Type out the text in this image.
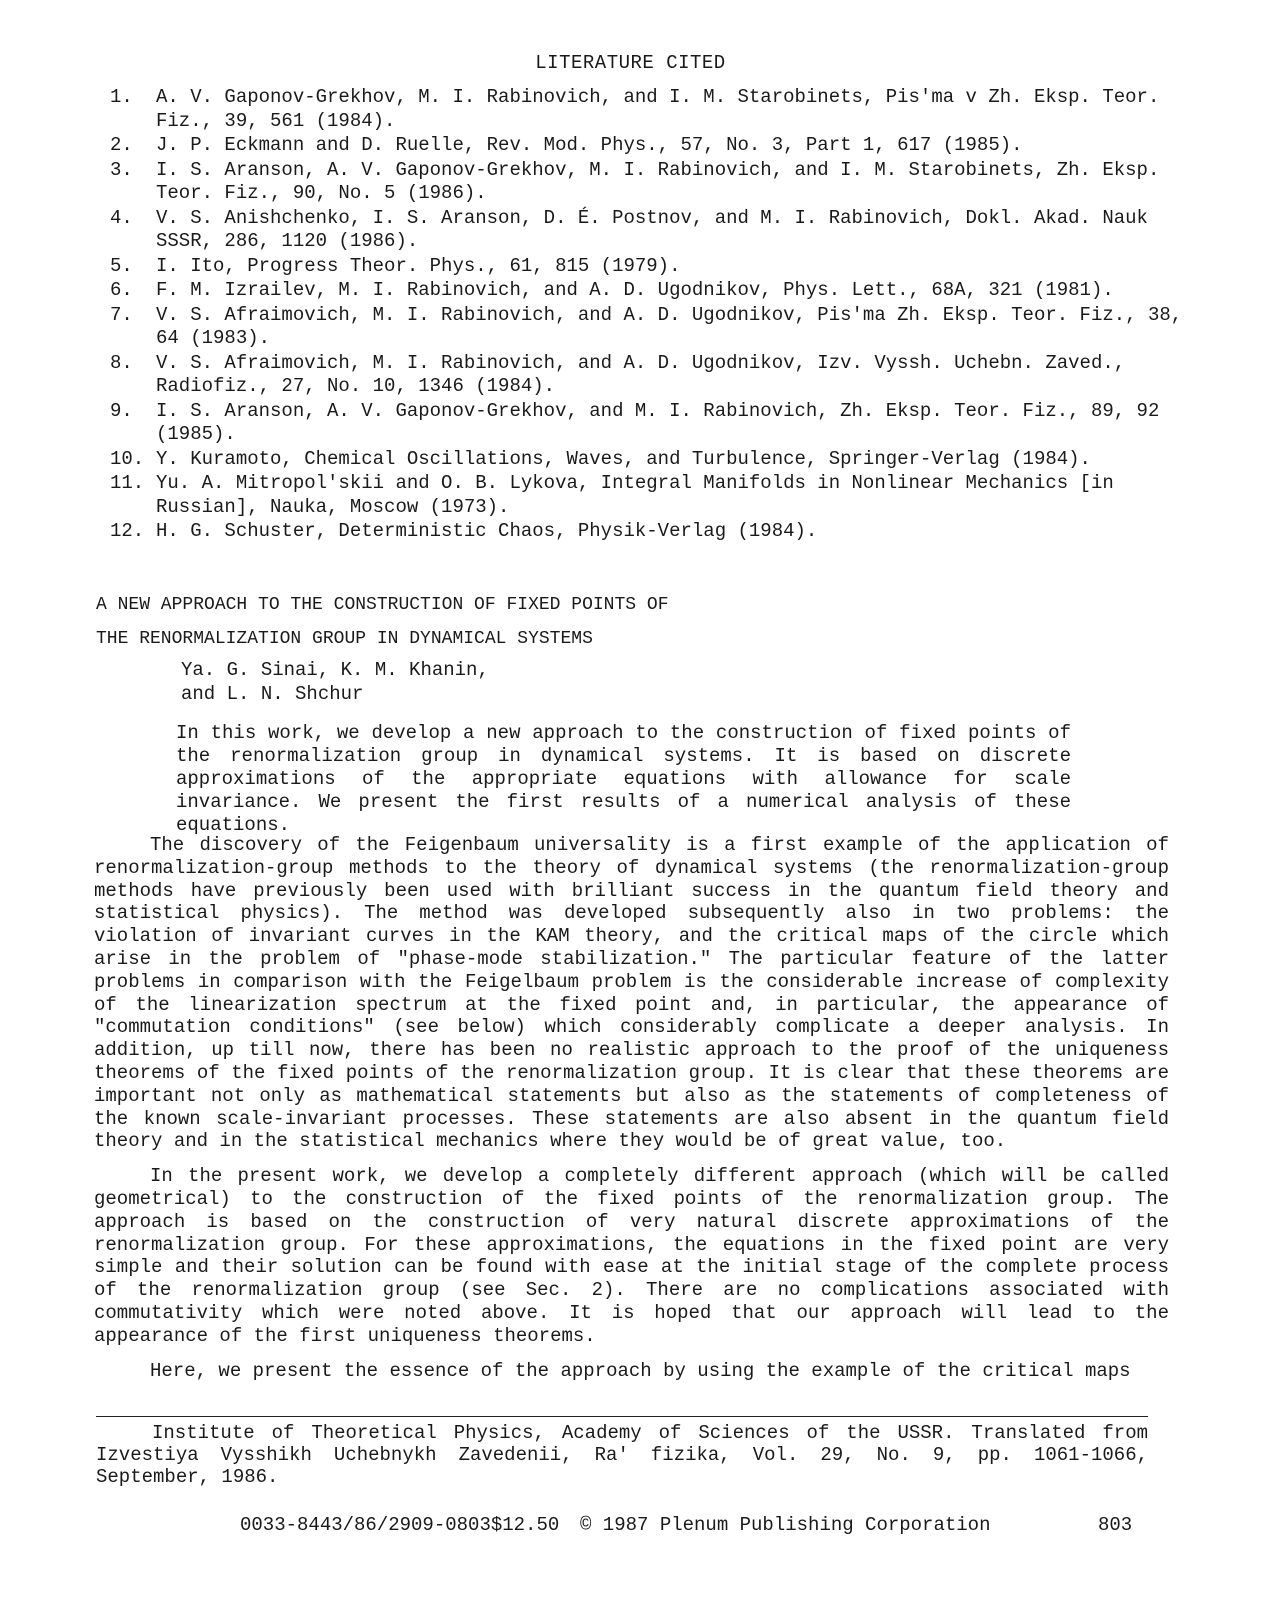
LITERATURE CITED
1.	A. V. Gaponov-Grekhov, M. I. Rabinovich, and I. M. Starobinets, Pis'ma v Zh. Eksp. Teor. Fiz., 39, 561 (1984).
2.	J. P. Eckmann and D. Ruelle, Rev. Mod. Phys., 57, No. 3, Part 1, 617 (1985).
3.	I. S. Aranson, A. V. Gaponov-Grekhov, M. I. Rabinovich, and I. M. Starobinets, Zh. Eksp. Teor. Fiz., 90, No. 5 (1986).
4.	V. S. Anishchenko, I. S. Aranson, D. É. Postnov, and M. I. Rabinovich, Dokl. Akad. Nauk SSSR, 286, 1120 (1986).
5.	I. Ito, Progress Theor. Phys., 61, 815 (1979).
6.	F. M. Izrailev, M. I. Rabinovich, and A. D. Ugodnikov, Phys. Lett., 68A, 321 (1981).
7.	V. S. Afraimovich, M. I. Rabinovich, and A. D. Ugodnikov, Pis'ma Zh. Eksp. Teor. Fiz., 38, 64 (1983).
8.	V. S. Afraimovich, M. I. Rabinovich, and A. D. Ugodnikov, Izv. Vyssh. Uchebn. Zaved., Radiofiz., 27, No. 10, 1346 (1984).
9.	I. S. Aranson, A. V. Gaponov-Grekhov, and M. I. Rabinovich, Zh. Eksp. Teor. Fiz., 89, 92 (1985).
10. Y. Kuramoto, Chemical Oscillations, Waves, and Turbulence, Springer-Verlag (1984).
11. Yu. A. Mitropol'skii and O. B. Lykova, Integral Manifolds in Nonlinear Mechanics [in Russian], Nauka, Moscow (1973).
12. H. G. Schuster, Deterministic Chaos, Physik-Verlag (1984).
A NEW APPROACH TO THE CONSTRUCTION OF FIXED POINTS OF
THE RENORMALIZATION GROUP IN DYNAMICAL SYSTEMS
Ya. G. Sinai, K. M. Khanin,
and L. N. Shchur
In this work, we develop a new approach to the construction of fixed points of the renormalization group in dynamical systems. It is based on discrete approximations of the appropriate equations with allowance for scale invariance. We present the first results of a numerical analysis of these equations.

The discovery of the Feigenbaum universality is a first example of the application of renormalization-group methods to the theory of dynamical systems (the renormalization-group methods have previously been used with brilliant success in the quantum field theory and statistical physics). The method was developed subsequently also in two problems: the violation of invariant curves in the KAM theory, and the critical maps of the circle which arise in the problem of "phase-mode stabilization." The particular feature of the latter problems in comparison with the Feigelbaum problem is the considerable increase of complexity of the linearization spectrum at the fixed point and, in particular, the appearance of "commutation conditions" (see below) which considerably complicate a deeper analysis. In addition, up till now, there has been no realistic approach to the proof of the uniqueness theorems of the fixed points of the renormalization group. It is clear that these theorems are important not only as mathematical statements but also as the statements of completeness of the known scale-invariant processes. These statements are also absent in the quantum field theory and in the statistical mechanics where they would be of great value, too.

In the present work, we develop a completely different approach (which will be called geometrical) to the construction of the fixed points of the renormalization group. The approach is based on the construction of very natural discrete approximations of the renormalization group. For these approximations, the equations in the fixed point are very simple and their solution can be found with ease at the initial stage of the complete process of the renormalization group (see Sec. 2). There are no complications associated with commutativity which were noted above. It is hoped that our approach will lead to the appearance of the first uniqueness theorems.

Here, we present the essence of the approach by using the example of the critical maps

Institute of Theoretical Physics, Academy of Sciences of the USSR. Translated from Izvestiya Vysshikh Uchebnykh Zavedenii, Ra' fizika, Vol. 29, No. 9, pp. 1061-1066, September, 1986.
0033-8443/86/2909-0803$12.50 © 1987 Plenum Publishing Corporation	803
